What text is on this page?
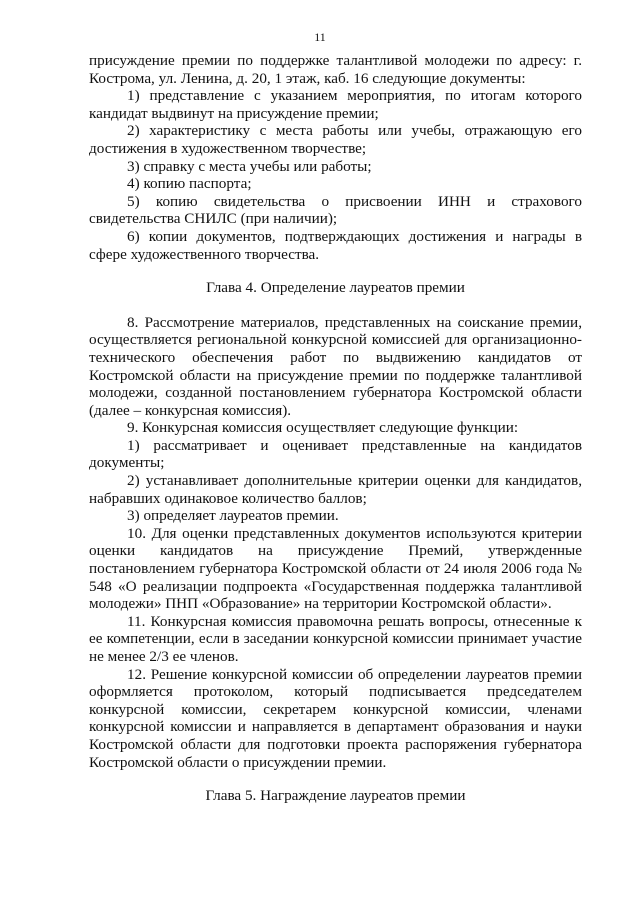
11

присуждение премии по поддержке талантливой молодежи по адресу: г. Кострома, ул. Ленина, д. 20, 1 этаж, каб. 16 следующие документы:

1) представление с указанием мероприятия, по итогам которого кандидат выдвинут на присуждение премии;

2) характеристику с места работы или учебы, отражающую его достижения в художественном творчестве;

3) справку с места учебы или работы;

4) копию паспорта;

5) копию свидетельства о присвоении ИНН и страхового свидетельства СНИЛС (при наличии);

6) копии документов, подтверждающих достижения и награды в сфере художественного творчества.

Глава 4. Определение лауреатов премии

8. Рассмотрение материалов, представленных на соискание премии, осуществляется региональной конкурсной комиссией для организационно-технического обеспечения работ по выдвижению кандидатов от Костромской области на присуждение премии по поддержке талантливой молодежи, созданной постановлением губернатора Костромской области (далее – конкурсная комиссия).

9. Конкурсная комиссия осуществляет следующие функции:

1) рассматривает и оценивает представленные на кандидатов документы;

2) устанавливает дополнительные критерии оценки для кандидатов, набравших одинаковое количество баллов;

3) определяет лауреатов премии.

10. Для оценки представленных документов используются критерии оценки кандидатов на присуждение Премий, утвержденные постановлением губернатора Костромской области от 24 июля 2006 года № 548 «О реализации подпроекта «Государственная поддержка талантливой молодежи» ПНП «Образование» на территории Костромской области».

11. Конкурсная комиссия правомочна решать вопросы, отнесенные к ее компетенции, если в заседании конкурсной комиссии принимает участие не менее 2/3 ее членов.

12. Решение конкурсной комиссии об определении лауреатов премии оформляется протоколом, который подписывается председателем конкурсной комиссии, секретарем конкурсной комиссии, членами конкурсной комиссии и направляется в департамент образования и науки Костромской области для подготовки проекта распоряжения губернатора Костромской области о присуждении премии.

Глава 5. Награждение лауреатов премии
